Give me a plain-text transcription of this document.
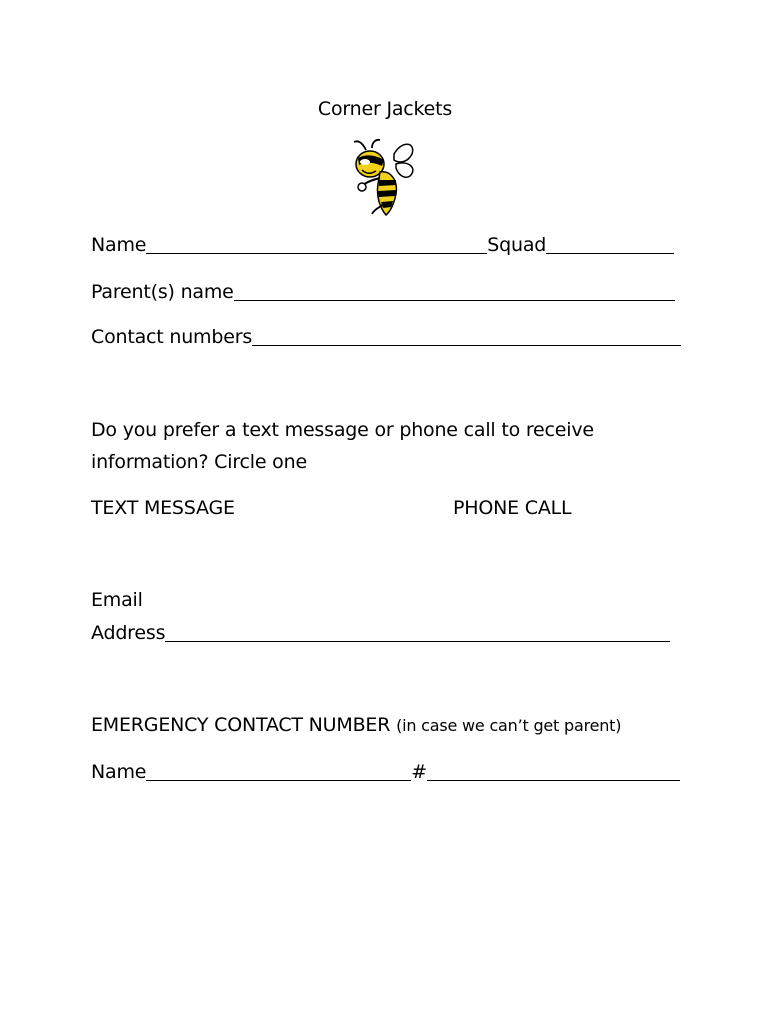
Corner Jackets
Name	Squad
Parent(s) name
Contact numbers
Do you prefer a text message or phone call to receive
information? Circle one
TEXT MESSAGE	PHONE CALL
Email
Address
EMERGENCY CONTACT NUMBER (in case we can’t get parent)
Name	#
